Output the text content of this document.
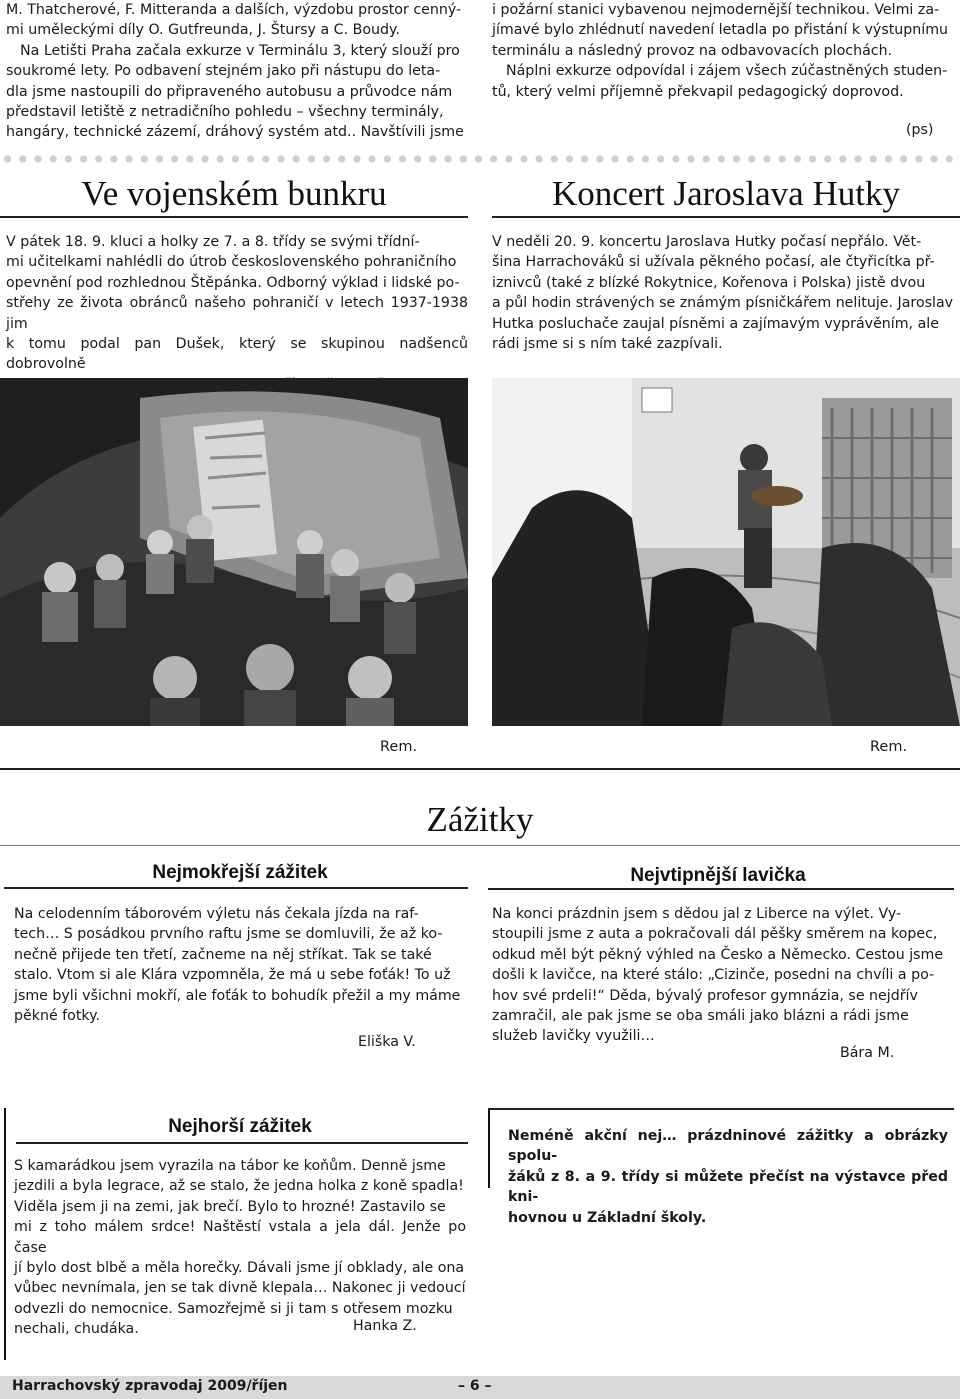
M. Thatcherové, F. Mitteranda a dalších, výzdobu prostor cenný-

mi uměleckými díly O. Gutfreunda, J. Štursy a C. Boudy.

Na Letišti Praha začala exkurze v Terminálu 3, který slouží pro

soukromé lety. Po odbavení stejném jako při nástupu do leta-

dla jsme nastoupili do připraveného autobusu a průvodce nám

představil letiště z netradičního pohledu – všechny terminály,

hangáry, technické zázemí, dráhový systém atd.. Navštívili jsme

i požární stanici vybavenou nejmodernější technikou. Velmi za-

jímavé bylo zhlédnutí navedení letadla po přistání k výstupnímu

terminálu a následný provoz na odbavovacích plochách.

Náplni exkurze odpovídal i zájem všech zúčastněných studen-

tů, který velmi příjemně překvapil pedagogický doprovod.

(ps)
Ve vojenském bunkru	Koncert Jaroslava Hutky

V pátek 18. 9. kluci a holky ze 7. a 8. třídy se svými třídní-

mi učitelkami nahlédli do útrob československého pohraničního

opevnění pod rozhlednou Štěpánka. Odborný výklad i lidské po-

střehy ze života obránců našeho pohraničí v letech 1937-1938 jim

k tomu podal pan Dušek, který se skupinou nadšenců dobrovolně

V neděli 20. 9. koncertu Jaroslava Hutky počasí nepřálo. Vět-

šina Harrachováků si užívala pěkného počasí, ale čtyřicítka př-

iznivců (také z blízké Rokytnice, Kořenova i Polska) jistě dvou

a půl hodin strávených se známým písničkářem nelituje. Jaroslav

Hutka posluchače zaujal písněmi a zajímavým vyprávěním, ale

rádi jsme si s ním také zazpívali.

Rem.	Rem.
Zážitky
Nejmokřejší zážitek

Na celodenním táborovém výletu nás čekala jízda na raf-

tech… S posádkou prvního raftu jsme se domluvili, že až ko-

nečně přijede ten třetí, začneme na něj stříkat. Tak se také

stalo. Vtom si ale Klára vzpomněla, že má u sebe foťák! To už

jsme byli všichni mokří, ale foťák to bohudík přežil a my máme

pěkné fotky.

Eliška V.
Nejvtipnější lavička

Na konci prázdnin jsem s dědou jal z Liberce na výlet. Vy-

stoupili jsme z auta a pokračovali dál pěšky směrem na kopec,

odkud měl být pěkný výhled na Česko a Německo. Cestou jsme

došli k lavičce, na které stálo: „Cizinče, posedni na chvíli a po-

hov své prdeli!“ Děda, bývalý profesor gymnázia, se nejdřív

zamračil, ale pak jsme se oba smáli jako blázni a rádi jsme

služeb lavičky využili…

Bára M.
Nejhorší zážitek

S kamarádkou jsem vyrazila na tábor ke koňům. Denně jsme

jezdili a byla legrace, až se stalo, že jedna holka z koně spadla!

Viděla jsem ji na zemi, jak brečí. Bylo to hrozné! Zastavilo se

mi z toho málem srdce! Naštěstí vstala a jela dál. Jenže po čase

jí bylo dost blbě a měla horečky. Dávali jsme jí obklady, ale ona

vůbec nevnímala, jen se tak divně klepala… Nakonec ji vedoucí

odvezli do nemocnice. Samozřejmě si ji tam s otřesem mozku

nechali, chudáka.	Hanka Z.

Neméně akční nej… prázdninové zážitky a obrázky spolu-

žáků z 8. a 9. třídy si můžete přečíst na výstavce před kni-

hovnou u Základní školy.

Harrachovský zpravodaj 2009/říjen	– 6 –
